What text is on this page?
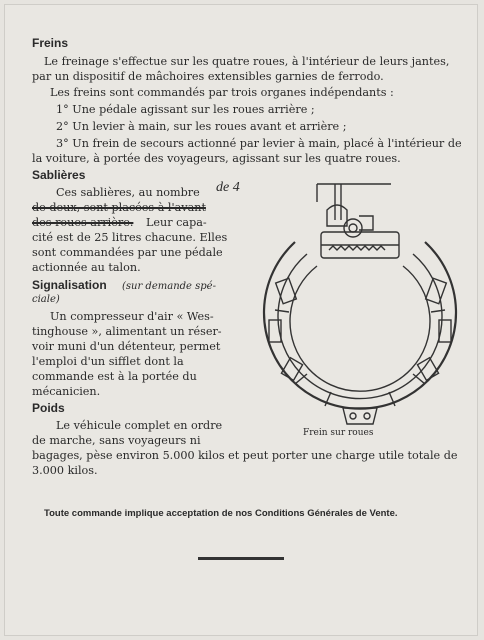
Freins
Le freinage s'effectue sur les quatre roues, à l'intérieur de leurs jantes,
par un dispositif de mâchoires extensibles garnies de ferrodo.
Les freins sont commandés par trois organes indépendants :
1° Une pédale agissant sur les roues arrière ;
2° Un levier à main, sur les roues avant et arrière ;
3° Un frein de secours actionné par levier à main, placé à l'intérieur de
la voiture, à portée des voyageurs, agissant sur les quatre roues.
Sablières
Ces sablières, au nombre de 4
de deux, sont placées à l'avant
des roues arrière. Leur capa-
cité est de 25 litres chacune. Elles
sont commandées par une pédale
actionnée au talon.
Signalisation (sur demande spé-
ciale)
Un compresseur d'air « Wes-
tinghouse », alimentant un réser-
voir muni d'un détenteur, permet
l'emploi d'un sifflet dont la
commande est à la portée du
mécanicien.
Poids
Le véhicule complet en ordre
de marche, sans voyageurs ni
bagages, pèse environ 5.000 kilos et peut porter une charge utile totale de
3.000 kilos.
Frein sur roues
Toute commande implique acceptation de nos Conditions Générales de Vente.
